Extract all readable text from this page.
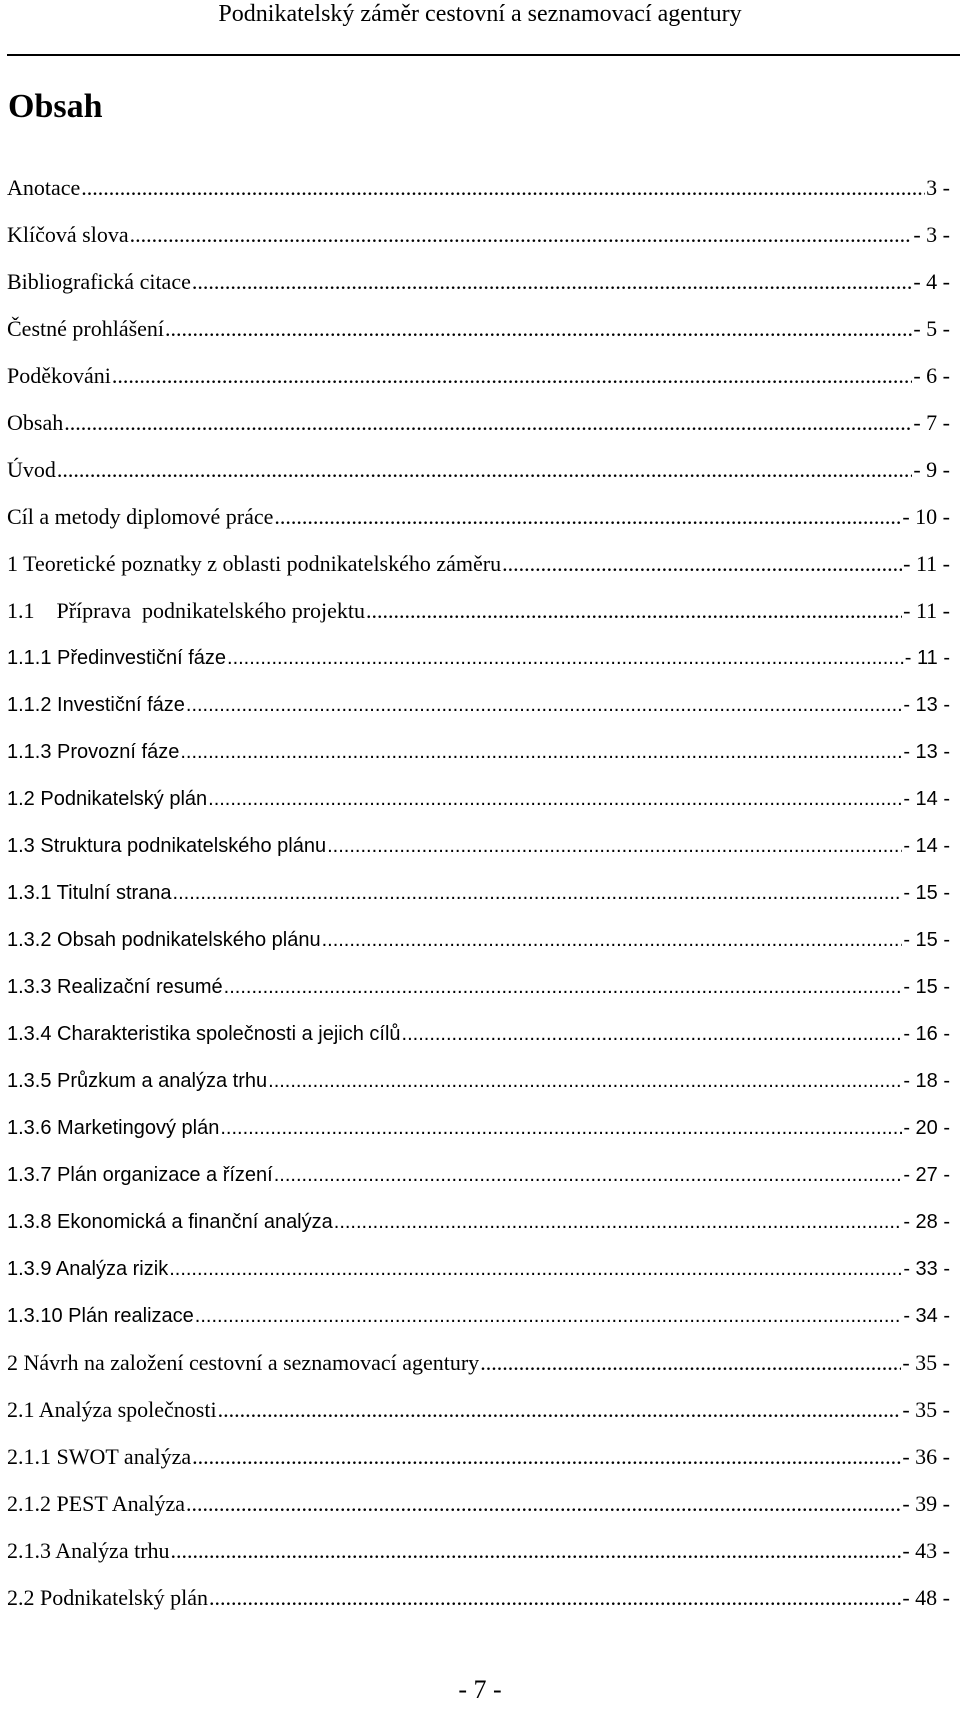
Podnikatelský záměr cestovní a seznamovací agentury
Obsah
Anotace .....	3 -
Klíčová slova .....	- 3 -
Bibliografická citace .....	- 4 -
Čestné prohlášení .....	- 5 -
Poděkováni .....	- 6 -
Obsah .....	- 7 -
Úvod .....	- 9 -
Cíl a metody diplomové práce .....	- 10 -
1 Teoretické poznatky z oblasti podnikatelského záměru .....	- 11 -
1.1    Příprava  podnikatelského projektu .....	- 11 -
1.1.1 Předinvestiční fáze .....	- 11 -
1.1.2 Investiční fáze .....	- 13 -
1.1.3 Provozní fáze .....	- 13 -
1.2 Podnikatelský plán .....	- 14 -
1.3 Struktura podnikatelského plánu .....	- 14 -
1.3.1 Titulní strana .....	- 15 -
1.3.2 Obsah podnikatelského plánu .....	- 15 -
1.3.3 Realizační resumé .....	- 15 -
1.3.4 Charakteristika společnosti a jejich cílů .....	- 16 -
1.3.5 Průzkum a analýza trhu .....	- 18 -
1.3.6 Marketingový plán .....	- 20 -
1.3.7 Plán organizace a řízení .....	- 27 -
1.3.8 Ekonomická a finanční analýza .....	- 28 -
1.3.9 Analýza rizik .....	- 33 -
1.3.10 Plán realizace .....	- 34 -
2 Návrh na založení cestovní a seznamovací agentury .....	- 35 -
2.1 Analýza společnosti .....	- 35 -
2.1.1 SWOT analýza .....	- 36 -
2.1.2 PEST Analýza .....	- 39 -
2.1.3 Analýza trhu .....	- 43 -
2.2 Podnikatelský plán .....	- 48 -
- 7 -
